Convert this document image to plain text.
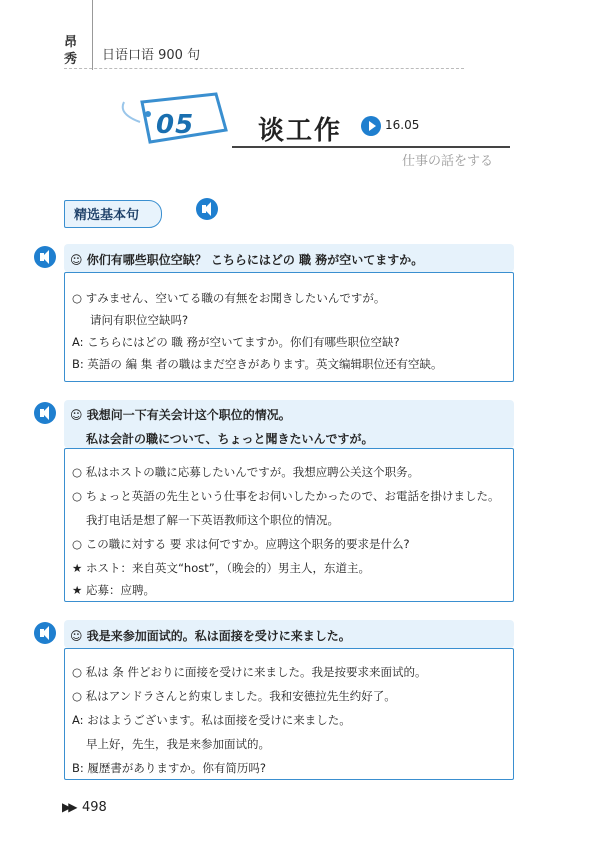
昂秀	日语口语 900 句
05 谈工作	16.05
仕事の話をする
精选基本句
☺ 你们有哪些职位空缺？ こちらにはどの 職 務が空いてますか。
○ すみません、空いてる職の有無をお聞きしたいんですが。
请问有职位空缺吗?
A: こちらにはどの 職 務が空いてますか。你们有哪些职位空缺?
B: 英語の 編 集 者の職はまだ空きがあります。英文编辑职位还有空缺。
☺ 我想问一下有关会计这个职位的情况。
私は会計の職について、ちょっと聞きたいんですが。
○ 私はホストの職に応募したいんですが。我想应聘公关这个职务。
○ ちょっと英語の先生という仕事をお伺いしたかったので、お電話を掛けました。
我打电话是想了解一下英语教师这个职位的情况。
○ この職に対する 要 求は何ですか。应聘这个职务的要求是什么?
★ ホスト：来自英文“host”，（晚会的）男主人，东道主。
★ 応募：应聘。
☺ 我是来参加面试的。私は面接を受けに来ました。
○ 私は 条 件どおりに面接を受けに来ました。我是按要求来面试的。
○ 私はアンドラさんと約束しました。我和安德拉先生约好了。
A: おはようございます。私は面接を受けに来ました。
早上好，先生，我是来参加面试的。
B: 履歴書がありますか。你有简历吗?
▶▶ 498
